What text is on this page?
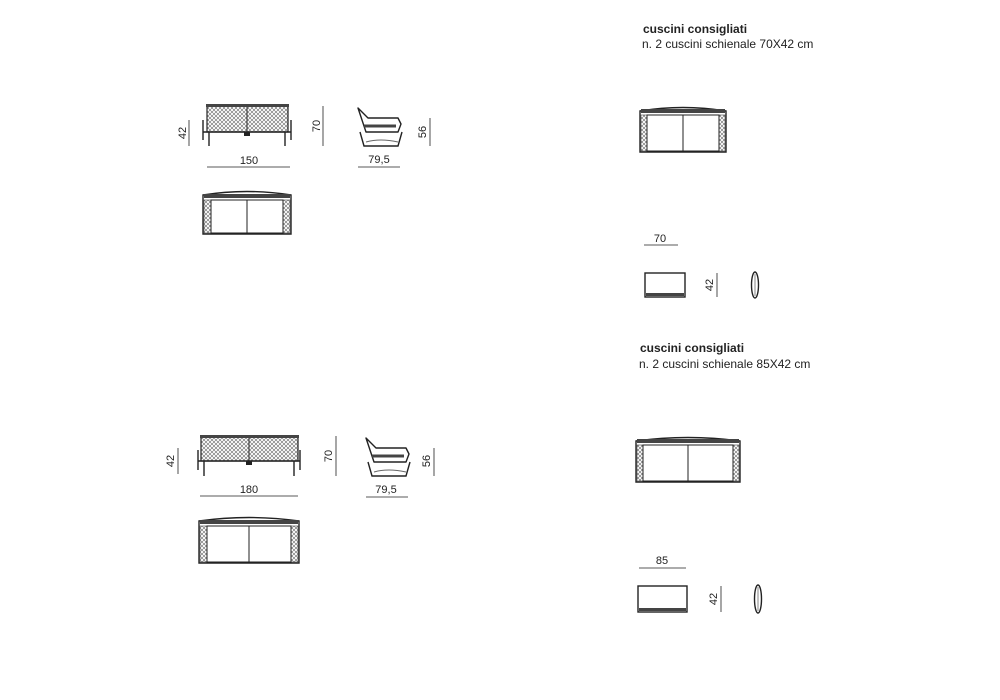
150
42
70
79,5
56
cuscini consigliati
n. 2 cuscini schienale 70X42 cm
70
42
180
42	70
79,5
56
cuscini consigliati
n. 2 cuscini schienale 85X42 cm
85
42
